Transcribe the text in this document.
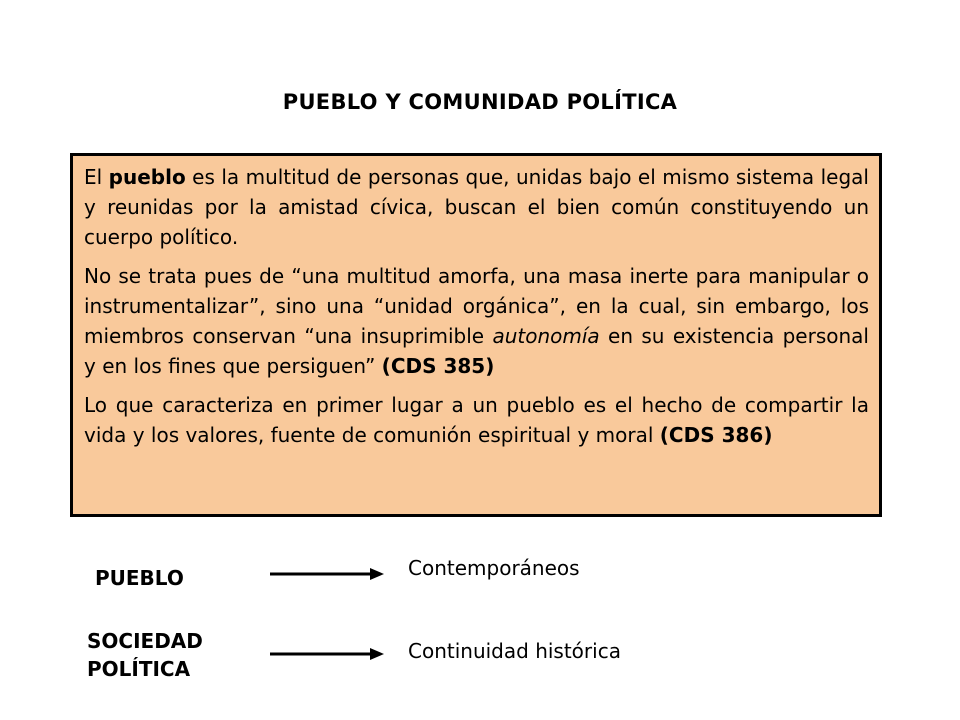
PUEBLO Y COMUNIDAD POLÍTICA

El pueblo es la multitud de personas que, unidas bajo el mismo sistema legal y reunidas por la amistad cívica, buscan el bien común constituyendo un cuerpo político.

No se trata pues de “una multitud amorfa, una masa inerte para manipular o instrumentalizar”, sino una “unidad orgánica”, en la cual, sin embargo, los miembros conservan “una insuprimible autonomía en su existencia personal y en los fines que persiguen” (CDS 385)

Lo que caracteriza en primer lugar a un pueblo es el hecho de compartir la vida y los valores, fuente de comunión espiritual y moral (CDS 386)

PUEBLO	Contemporáneos
SOCIEDAD
POLÍTICA
Continuidad histórica
